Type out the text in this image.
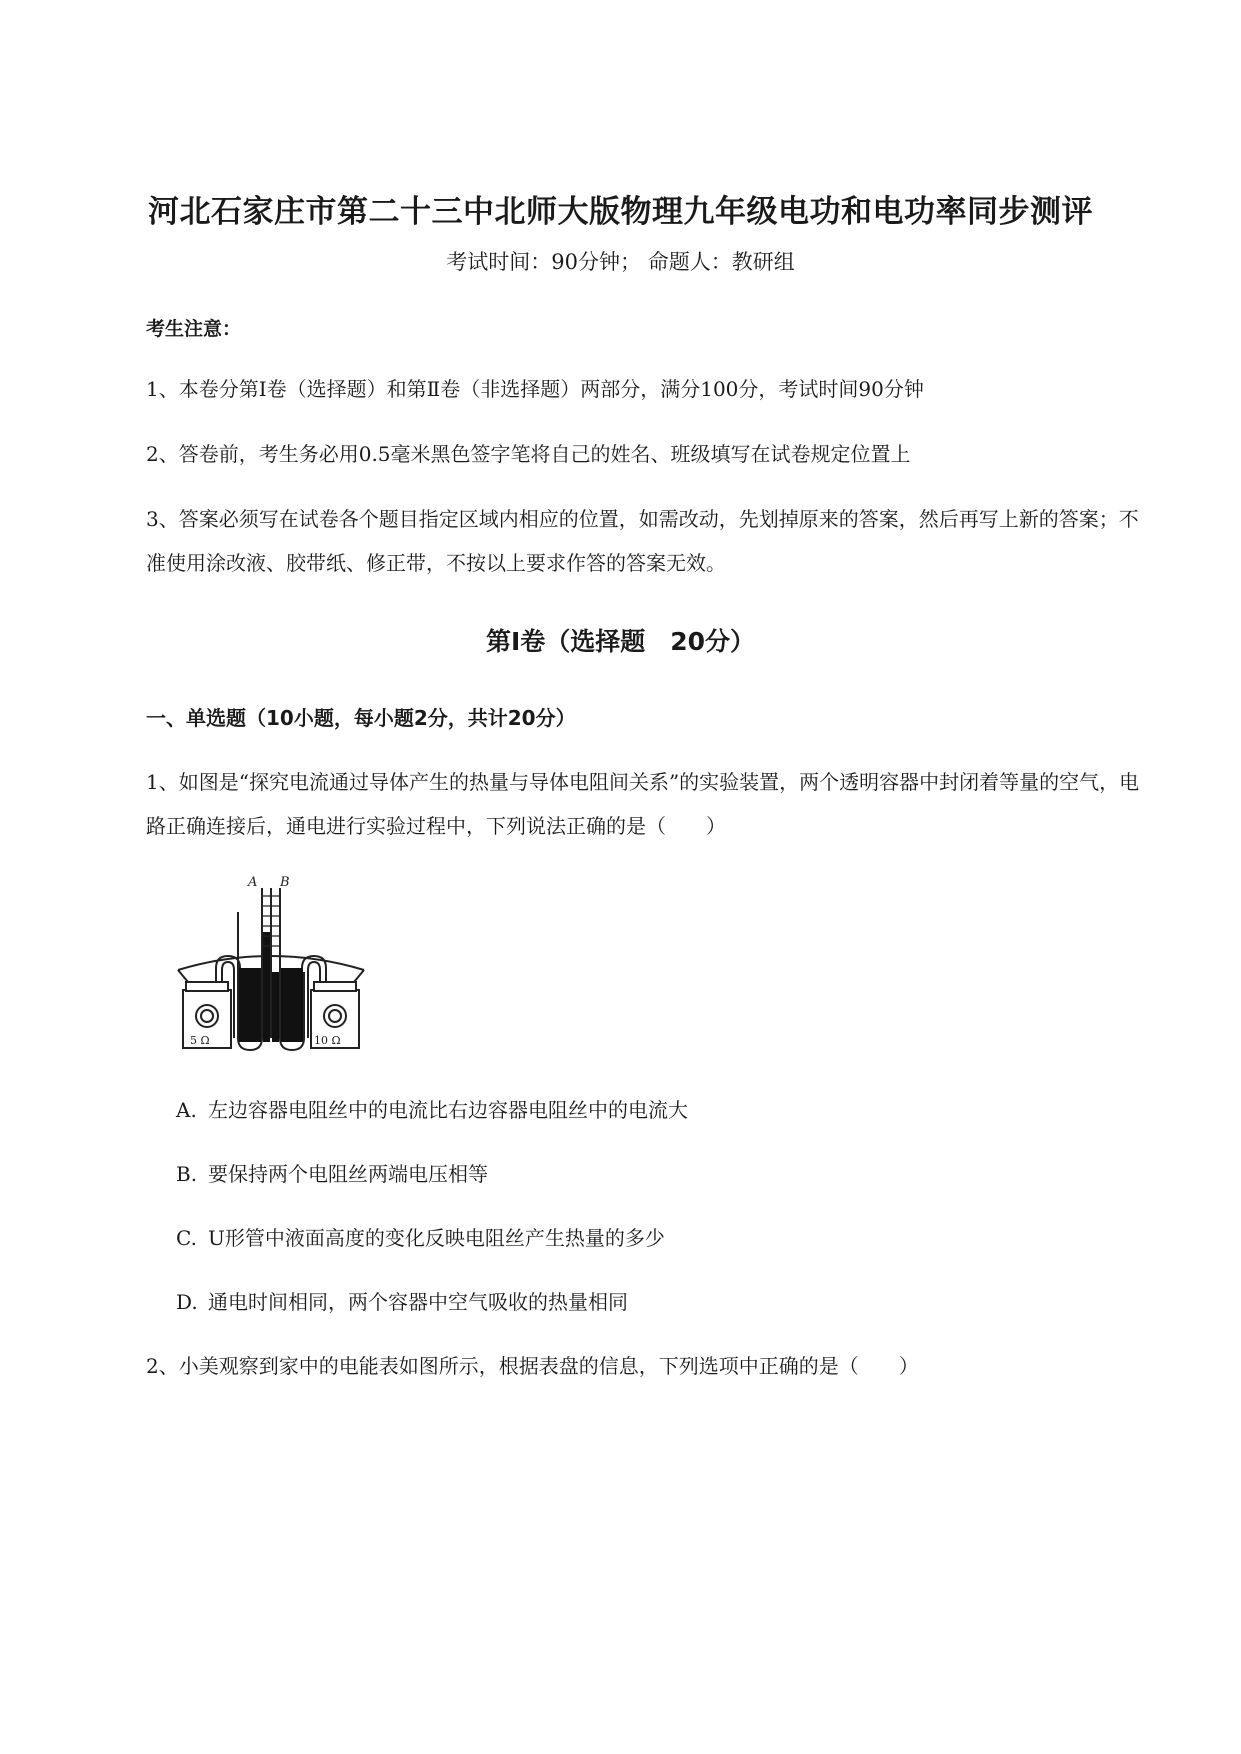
河北石家庄市第二十三中北师大版物理九年级电功和电功率同步测评
考试时间：90分钟； 命题人：教研组
考生注意：
1、本卷分第I卷（选择题）和第Ⅱ卷（非选择题）两部分，满分100分，考试时间90分钟
2、答卷前，考生务必用0.5毫米黑色签字笔将自己的姓名、班级填写在试卷规定位置上
3、答案必须写在试卷各个题目指定区域内相应的位置，如需改动，先划掉原来的答案，然后再写上新的答案；不准使用涂改液、胶带纸、修正带，不按以上要求作答的答案无效。
第I卷（选择题　20分）
一、单选题（10小题，每小题2分，共计20分）
1、如图是“探究电流通过导体产生的热量与导体电阻间关系”的实验装置，两个透明容器中封闭着等量的空气，电路正确连接后，通电进行实验过程中，下列说法正确的是（　　）
A B
5 Ω	10 Ω
A. 左边容器电阻丝中的电流比右边容器电阻丝中的电流大
B. 要保持两个电阻丝两端电压相等
C. U形管中液面高度的变化反映电阻丝产生热量的多少
D. 通电时间相同，两个容器中空气吸收的热量相同
2、小美观察到家中的电能表如图所示，根据表盘的信息，下列选项中正确的是（　　）
